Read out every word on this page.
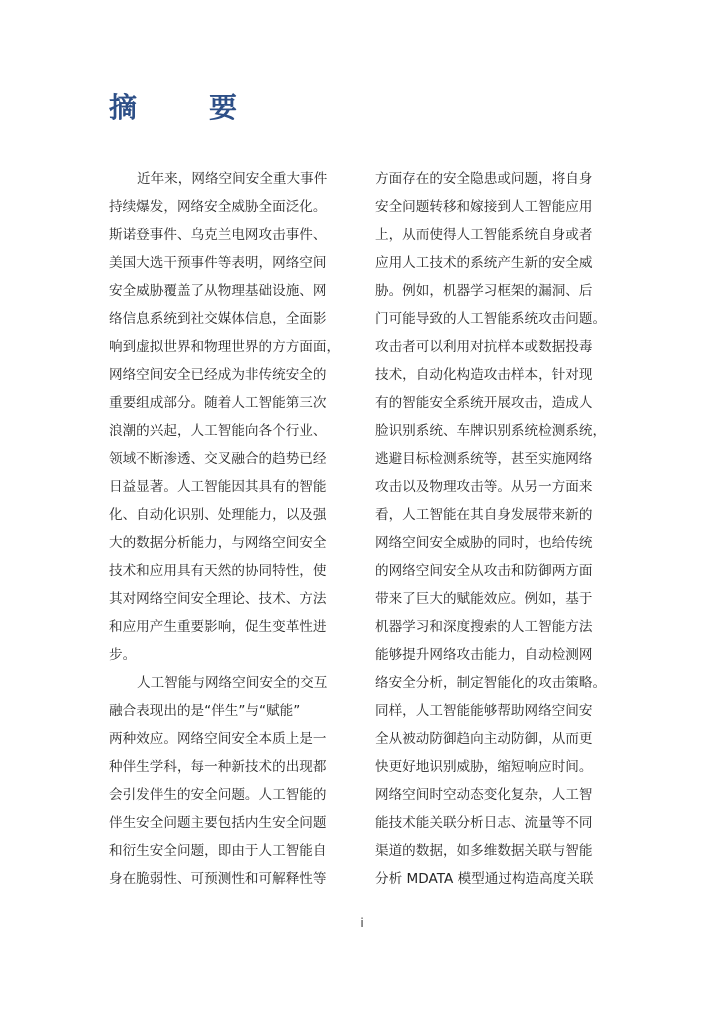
摘　要
近年来，网络空间安全重大事件
持续爆发，网络安全威胁全面泛化。
斯诺登事件、乌克兰电网攻击事件、
美国大选干预事件等表明，网络空间
安全威胁覆盖了从物理基础设施、网
络信息系统到社交媒体信息，全面影
响到虚拟世界和物理世界的方方面面，
网络空间安全已经成为非传统安全的
重要组成部分。随着人工智能第三次
浪潮的兴起，人工智能向各个行业、
领域不断渗透、交叉融合的趋势已经
日益显著。人工智能因其具有的智能
化、自动化识别、处理能力，以及强
大的数据分析能力，与网络空间安全
技术和应用具有天然的协同特性，使
其对网络空间安全理论、技术、方法
和应用产生重要影响，促生变革性进
步。
人工智能与网络空间安全的交互
融合表现出的是“伴生”与“赋能”
两种效应。网络空间安全本质上是一
种伴生学科，每一种新技术的出现都
会引发伴生的安全问题。人工智能的
伴生安全问题主要包括内生安全问题
和衍生安全问题，即由于人工智能自
身在脆弱性、可预测性和可解释性等
方面存在的安全隐患或问题，将自身
安全问题转移和嫁接到人工智能应用
上，从而使得人工智能系统自身或者
应用人工技术的系统产生新的安全威
胁。例如，机器学习框架的漏洞、后
门可能导致的人工智能系统攻击问题。
攻击者可以利用对抗样本或数据投毒
技术，自动化构造攻击样本，针对现
有的智能安全系统开展攻击，造成人
脸识别系统、车牌识别系统检测系统，
逃避目标检测系统等，甚至实施网络
攻击以及物理攻击等。从另一方面来
看，人工智能在其自身发展带来新的
网络空间安全威胁的同时，也给传统
的网络空间安全从攻击和防御两方面
带来了巨大的赋能效应。例如，基于
机器学习和深度搜索的人工智能方法
能够提升网络攻击能力，自动检测网
络安全分析，制定智能化的攻击策略。
同样，人工智能能够帮助网络空间安
全从被动防御趋向主动防御，从而更
快更好地识别威胁，缩短响应时间。
网络空间时空动态变化复杂，人工智
能技术能关联分析日志、流量等不同
渠道的数据，如多维数据关联与智能
分析 MDATA 模型通过构造高度关联
i
